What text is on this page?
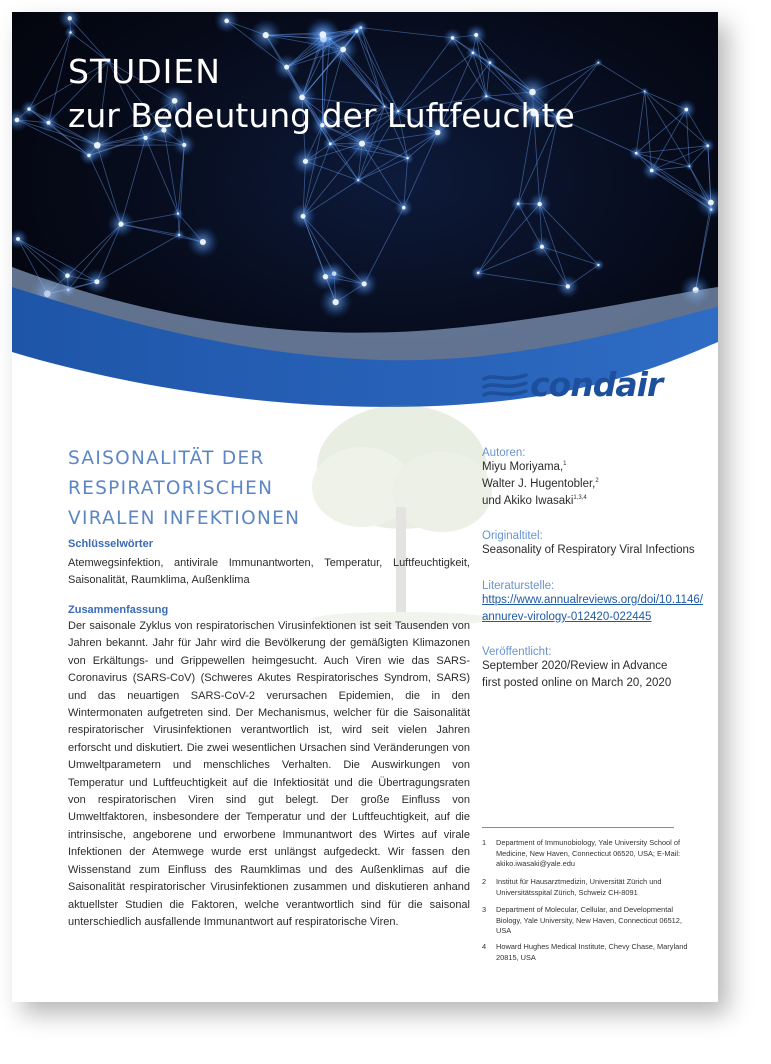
STUDIEN
zur Bedeutung der Luftfeuchte
condair
SAISONALITÄT DER RESPIRATORISCHEN
VIRALEN INFEKTIONEN
Schlüsselwörter
Atemwegsinfektion, antivirale Immunantworten, Temperatur, Luftfeuchtigkeit, Saisonalität, Raumklima, Außenklima
Zusammenfassung
Der saisonale Zyklus von respiratorischen Virusinfektionen ist seit Tausenden von Jahren bekannt. Jahr für Jahr wird die Bevölkerung der gemäßigten Klimazonen von Erkältungs- und Grippewellen heimgesucht. Auch Viren wie das SARS-Coronavirus (SARS-CoV) (Schweres Akutes Respiratorisches Syndrom, SARS) und das neuartigen SARS-CoV-2 verursachen Epidemien, die in den Wintermonaten aufgetreten sind. Der Mechanismus, welcher für die Saisonalität respiratorischer Virusinfektionen verantwortlich ist, wird seit vielen Jahren erforscht und diskutiert. Die zwei wesentlichen Ursachen sind Veränderungen von Umweltparametern und menschliches Verhalten. Die Auswirkungen von Temperatur und Luftfeuchtigkeit auf die Infektiosität und die Übertragungsraten von respiratorischen Viren sind gut belegt. Der große Einfluss von Umweltfaktoren, insbesondere der Temperatur und der Luftfeuchtigkeit, auf die intrinsische, angeborene und erworbene Immunantwort des Wirtes auf virale Infektionen der Atemwege wurde erst unlängst aufgedeckt. Wir fassen den Wissenstand zum Einfluss des Raumklimas und des Außenklimas auf die Saisonalität respiratorischer Virusinfektionen zusammen und diskutieren anhand aktuellster Studien die Faktoren, welche verantwortlich sind für die saisonal unterschiedlich ausfallende Immunantwort auf respiratorische Viren.
Autoren:
Miyu Moriyama,$^1$
Walter J. Hugentobler,$^2$
und Akiko Iwasaki$^{1,3,4}$
Originaltitel:
Seasonality of Respiratory Viral Infections
Literaturstelle:
https://www.annualreviews.org/doi/10.1146/
annurev-virology-012420-022445
Veröffentlicht:
September 2020/Review in Advance
first posted online on March 20, 2020
1 Department of Immunobiology, Yale University School of Medicine, New Haven, Connecticut 06520, USA; E-Mail: akiko.iwasaki@yale.edu
2 Institut für Hausarztmedizin, Universität Zürich und Universitätsspital Zürich, Schweiz CH-8091
3 Department of Molecular, Cellular, and Developmental Biology, Yale University, New Haven, Connecticut 06512, USA
4 Howard Hughes Medical Institute, Chevy Chase, Maryland 20815, USA
